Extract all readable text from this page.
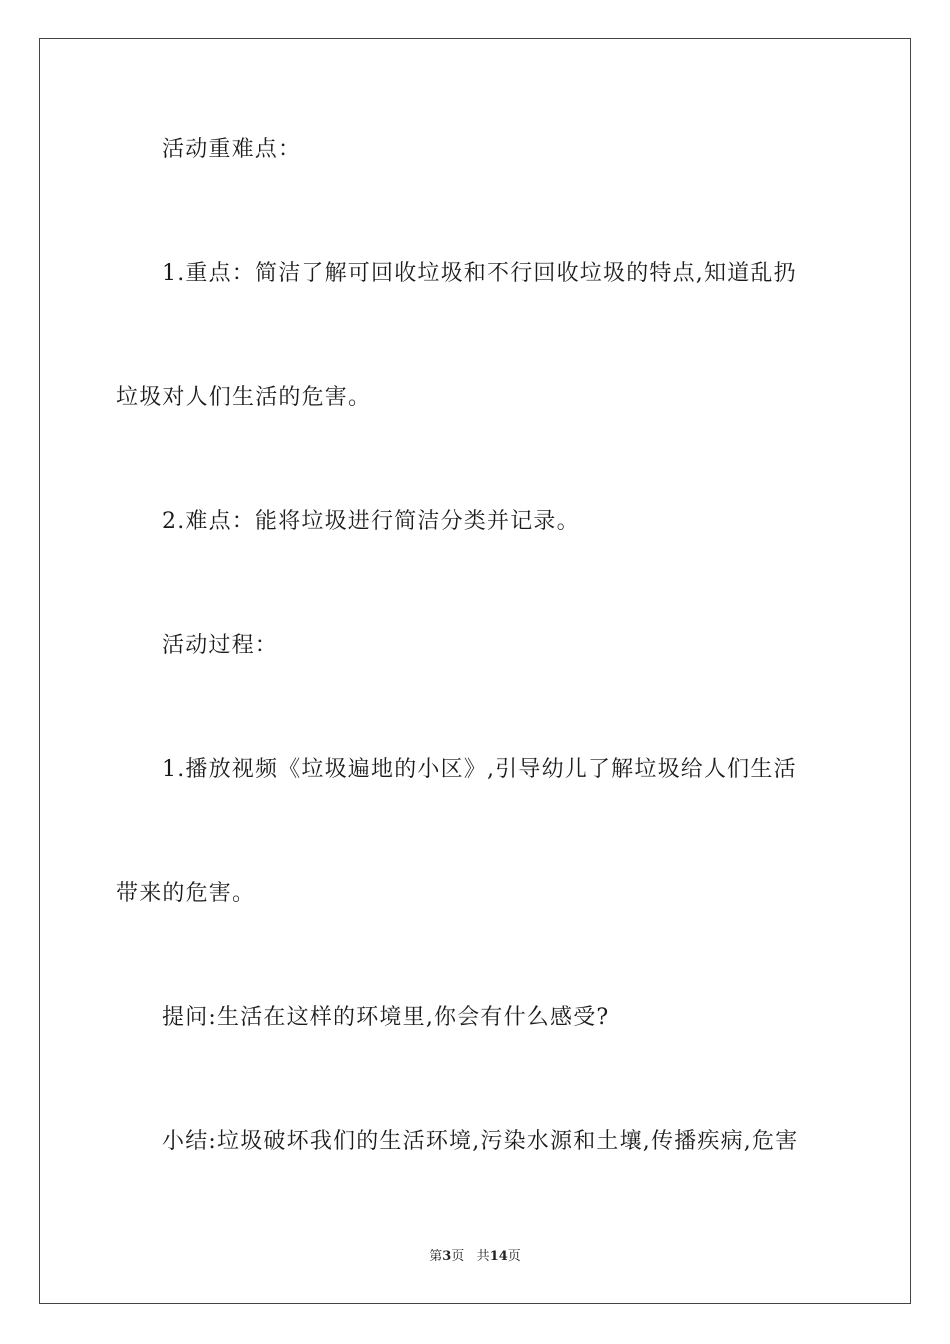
活动重难点：
1.重点：简洁了解可回收垃圾和不行回收垃圾的特点,知道乱扔
垃圾对人们生活的危害。
2.难点：能将垃圾进行简洁分类并记录。
活动过程：
1.播放视频《垃圾遍地的小区》,引导幼儿了解垃圾给人们生活
带来的危害。
提问:生活在这样的环境里,你会有什么感受?
小结:垃圾破坏我们的生活环境,污染水源和土壤,传播疾病,危害
第3页 共14页
